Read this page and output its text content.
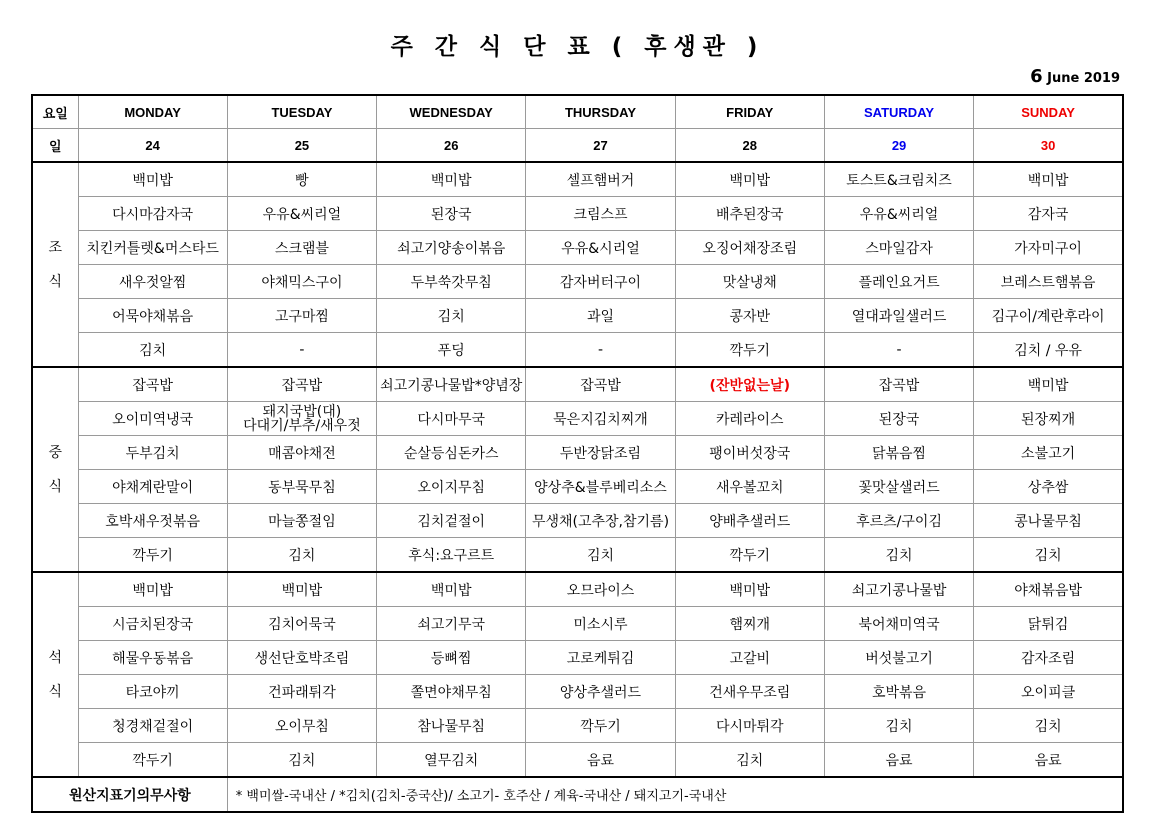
주 간 식 단 표 ( 후생관 )
6 June 2019
요일	MONDAY	TUESDAY	WEDNESDAY	THURSDAY	FRIDAY	SATURDAY	SUNDAY
일	24	25	26	27	28	29	30

조
식	백미밥	빵	백미밥	셀프햄버거	백미밥	토스트&크림치즈	백미밥
	다시마감자국	우유&씨리얼	된장국	크림스프	배추된장국	우유&씨리얼	감자국
	치킨커틀렛&머스타드	스크램블	쇠고기양송이볶음	우유&시리얼	오징어채장조림	스마일감자	가자미구이
	새우젓알찜	야채믹스구이	두부쑥갓무침	감자버터구이	맛살냉채	플레인요거트	브레스트햄볶음
	어묵야채볶음	고구마찜	김치	과일	콩자반	열대과일샐러드	김구이/계란후라이
	김치	-	푸딩	-	깍두기	-	김치 / 우유

중
식	잡곡밥	잡곡밥	쇠고기콩나물밥*양념장	잡곡밥	(잔반없는날)	잡곡밥	백미밥
	오이미역냉국	돼지국밥(대)
다대기/부추/새우젓	다시마무국	묵은지김치찌개	카레라이스	된장국	된장찌개
	두부김치	매콤야채전	순살등심돈카스	두반장닭조림	팽이버섯장국	닭볶음찜	소불고기
	야채계란말이	동부묵무침	오이지무침	양상추&블루베리소스	새우볼꼬치	꽃맛살샐러드	상추쌈
	호박새우젓볶음	마늘쫑절임	김치겉절이	무생채(고추장,참기름)	양배추샐러드	후르츠/구이김	콩나물무침
	깍두기	김치	후식:요구르트	김치	깍두기	김치	김치

석
식	백미밥	백미밥	백미밥	오므라이스	백미밥	쇠고기콩나물밥	야채볶음밥
	시금치된장국	김치어묵국	쇠고기무국	미소시루	햄찌개	북어채미역국	닭튀김
	해물우동볶음	생선단호박조림	등뼈찜	고로케튀김	고갈비	버섯불고기	감자조림
	타코야끼	건파래튀각	쫄면야채무침	양상추샐러드	건새우무조림	호박볶음	오이피클
	청경채겉절이	오이무침	참나물무침	깍두기	다시마튀각	김치	김치
	깍두기	김치	열무김치	음료	김치	음료	음료
원산지표기의무사항		* 백미쌀-국내산 / *김치(김치-중국산)/ 소고기- 호주산 / 계육-국내산 / 돼지고기-국내산					
